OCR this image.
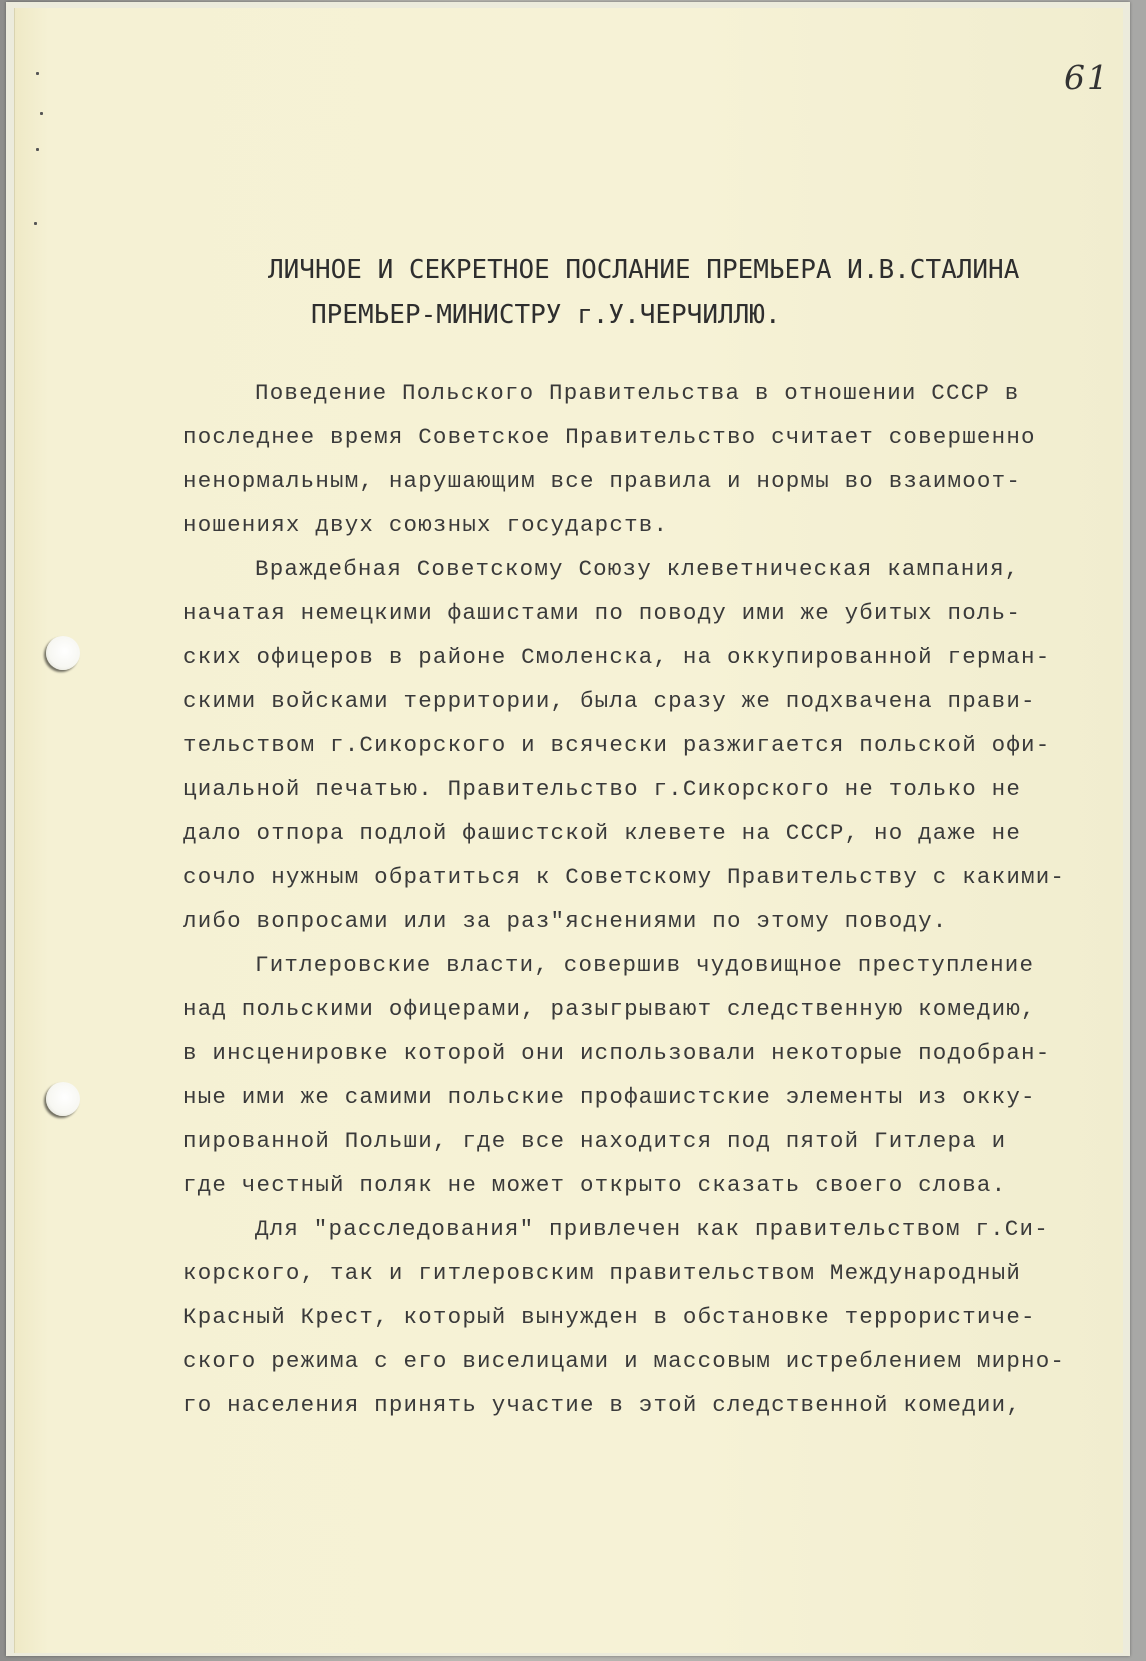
61
ЛИЧНОЕ И СЕКРЕТНОЕ ПОСЛАНИЕ ПРЕМЬЕРА И.В.СТАЛИНА
ПРЕМЬЕР-МИНИСТРУ г.У.ЧЕРЧИЛЛЮ.
Поведение Польского Правительства в отношении СССР в
последнее время Советское Правительство считает совершенно
ненормальным, нарушающим все правила и нормы во взаимоот-
ношениях двух союзных государств.
Враждебная Советскому Союзу клеветническая кампания,
начатая немецкими фашистами по поводу ими же убитых поль-
ских офицеров в районе Смоленска, на оккупированной герман-
скими войсками территории, была сразу же подхвачена прави-
тельством г.Сикорского и всячески разжигается польской офи-
циальной печатью. Правительство г.Сикорского не только не
дало отпора подлой фашистской клевете на СССР, но даже не
сочло нужным обратиться к Советскому Правительству с какими-
либо вопросами или за раз"яснениями по этому поводу.
Гитлеровские власти, совершив чудовищное преступление
над польскими офицерами, разыгрывают следственную комедию,
в инсценировке которой они использовали некоторые подобран-
ные ими же самими польские профашистские элементы из окку-
пированной Польши, где все находится под пятой Гитлера и
где честный поляк не может открыто сказать своего слова.
Для "расследования" привлечен как правительством г.Си-
корского, так и гитлеровским правительством Международный
Красный Крест, который вынужден в обстановке террористиче-
ского режима с его виселицами и массовым истреблением мирно-
го населения принять участие в этой следственной комедии,
